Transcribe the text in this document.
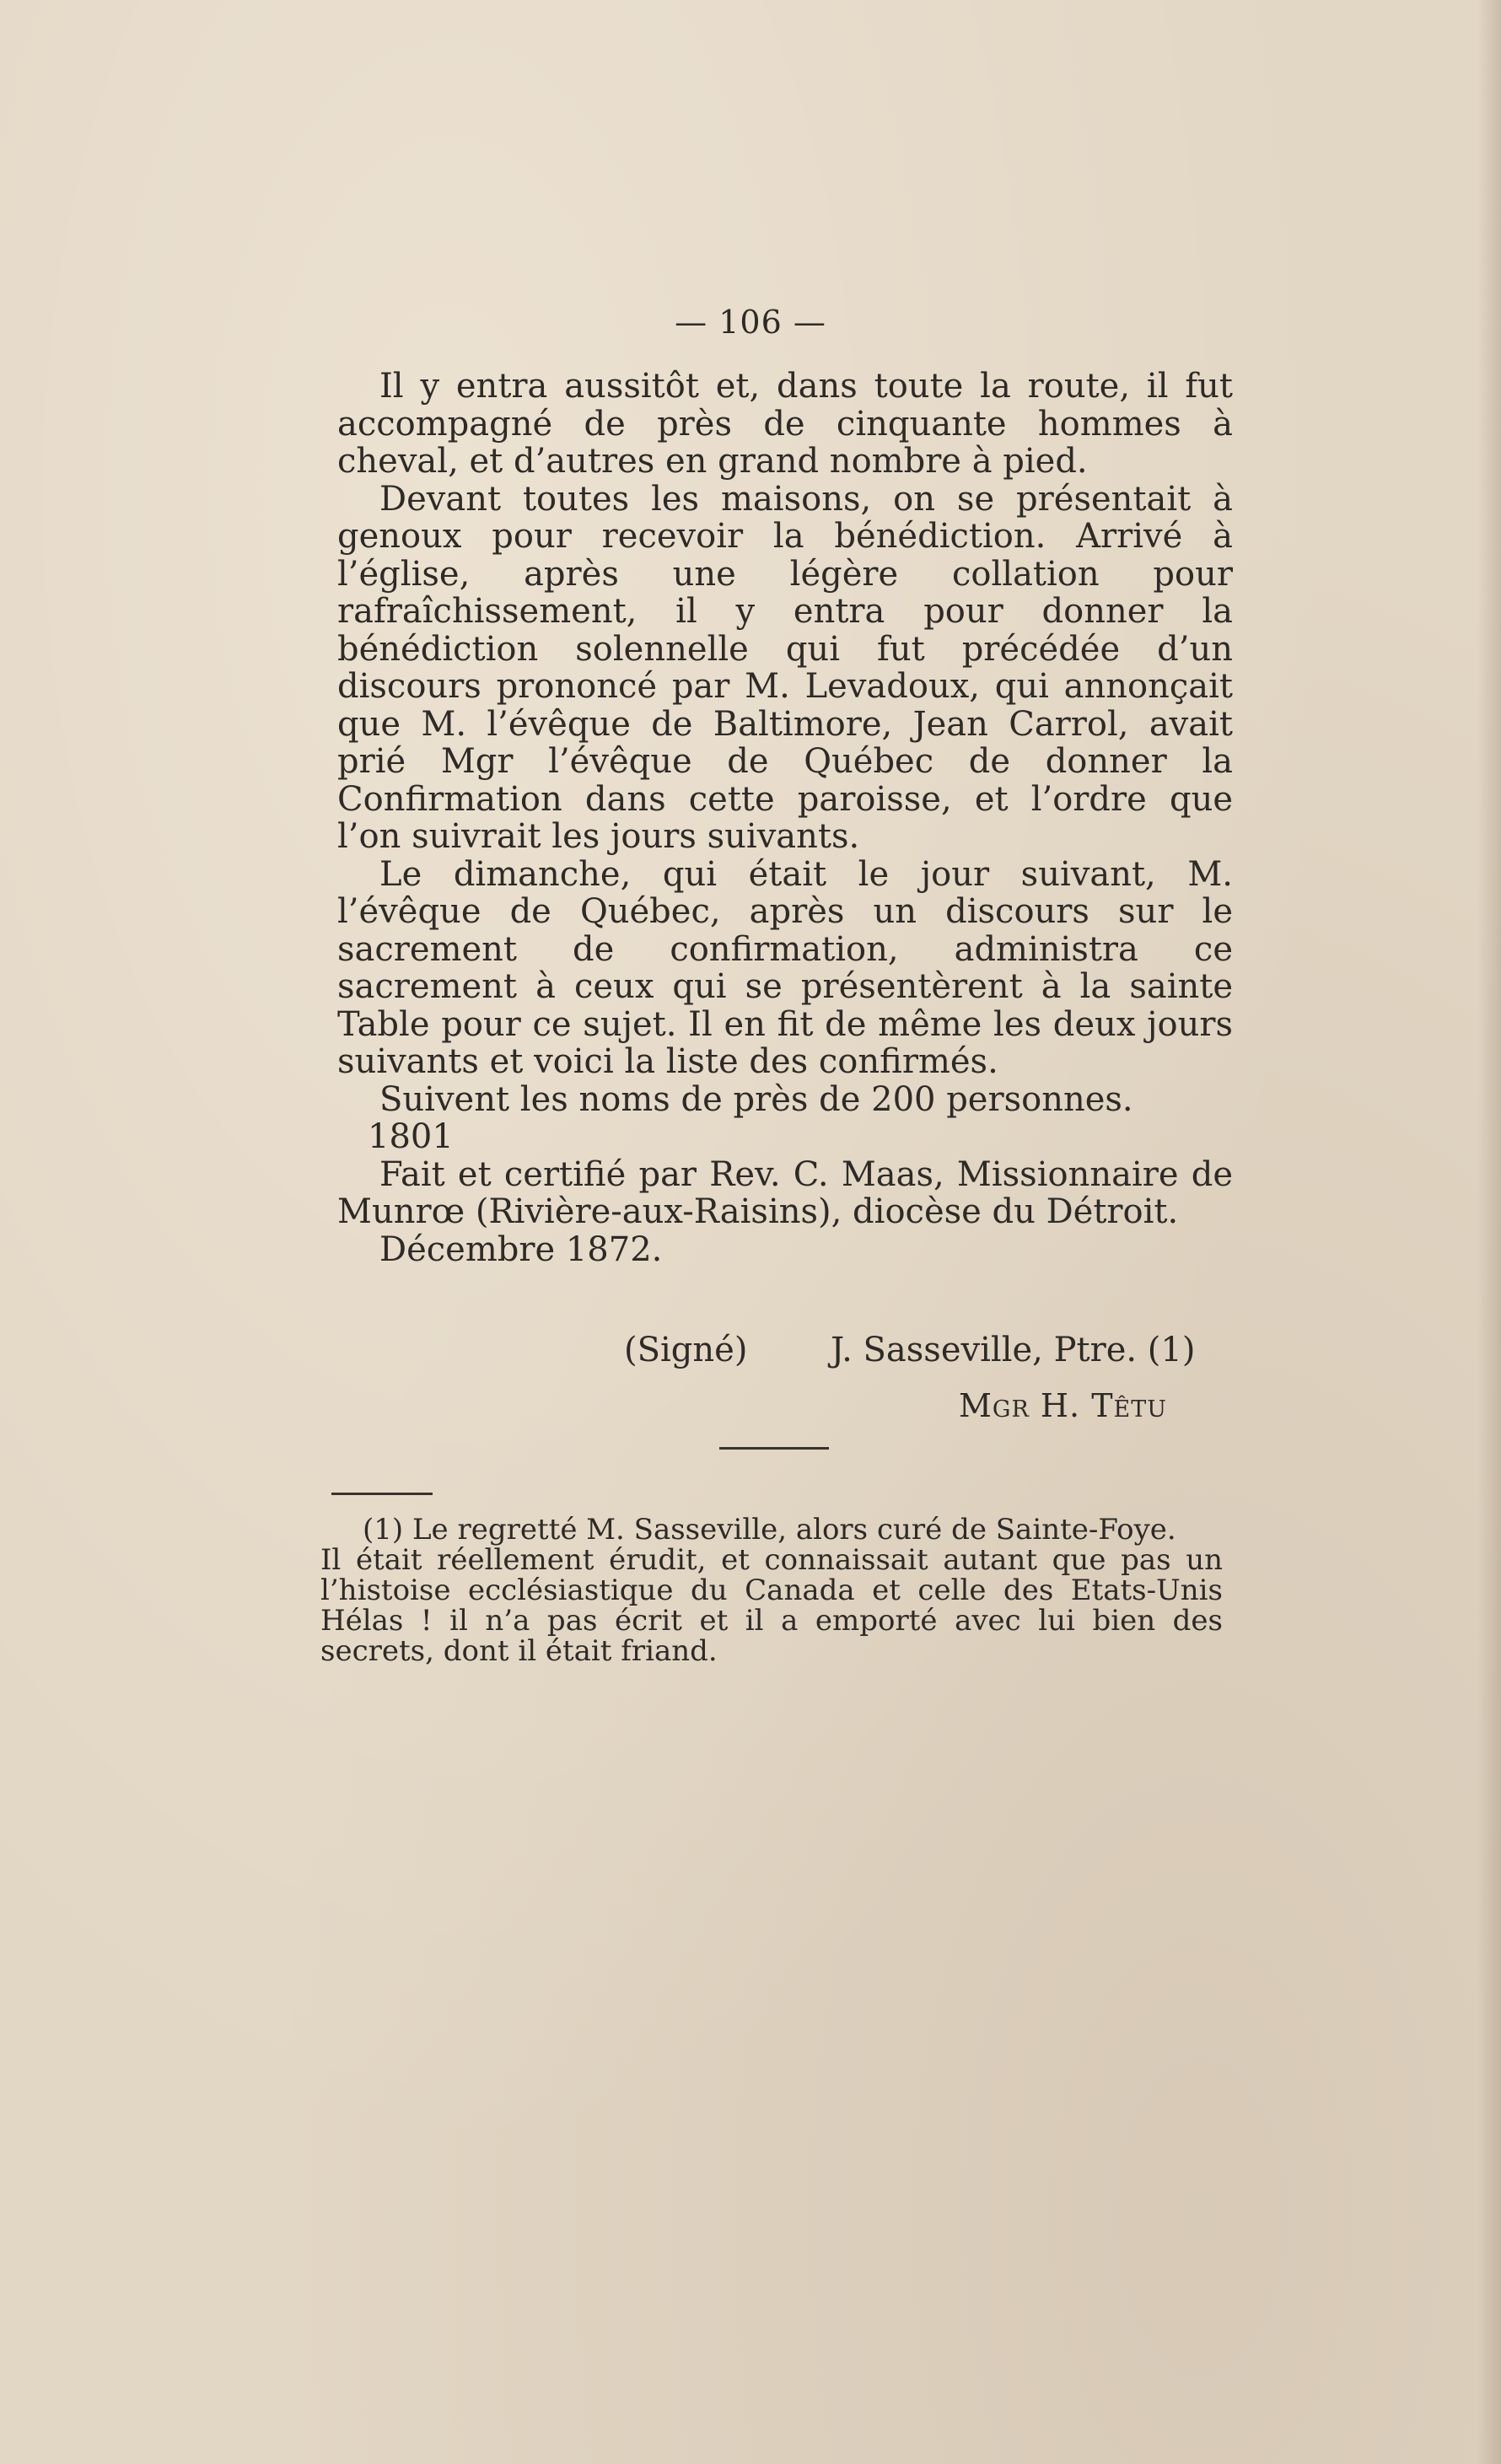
— 106 —

Il y entra aussitôt et, dans toute la route, il fut accompagné de près de cinquante hommes à cheval, et d’autres en grand nombre à pied.

Devant toutes les maisons, on se présentait à genoux pour recevoir la bénédiction. Arrivé à l’église, après une légère collation pour rafraîchissement, il y entra pour donner la bénédiction solennelle qui fut précédée d’un discours prononcé par M. Levadoux, qui annonçait que M. l’évêque de Baltimore, Jean Carrol, avait prié Mgr l’évêque de Québec de donner la Confirmation dans cette paroisse, et l’ordre que l’on suivrait les jours suivants.

Le dimanche, qui était le jour suivant, M. l’évêque de Québec, après un discours sur le sacrement de confirmation, administra ce sacrement à ceux qui se présentèrent à la sainte Table pour ce sujet. Il en fit de même les deux jours suivants et voici la liste des confirmés.

Suivent les noms de près de 200 personnes.

1801

Fait et certifié par Rev. C. Maas, Missionnaire de Munrœ (Rivière-aux-Raisins), diocèse du Détroit.

Décembre 1872.

(Signé) J. Sasseville, Ptre. (1)
Mgr H. Têtu

(1) Le regretté M. Sasseville, alors curé de Sainte-Foye.

Il était réellement érudit, et connaissait autant que pas un l’histoise ecclésiastique du Canada et celle des Etats-Unis Hélas ! il n’a pas écrit et il a emporté avec lui bien des secrets, dont il était friand.
